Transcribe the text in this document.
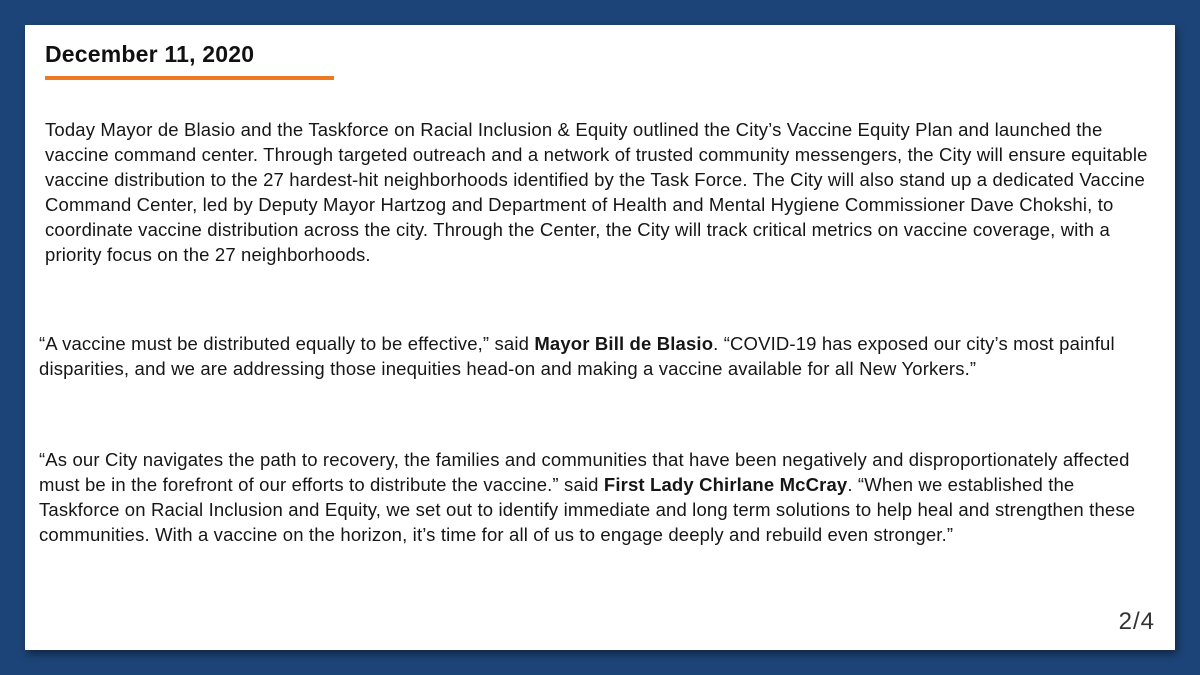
December 11, 2020

Today Mayor de Blasio and the Taskforce on Racial Inclusion & Equity outlined the City’s Vaccine Equity Plan and launched the vaccine command center. Through targeted outreach and a network of trusted community messengers, the City will ensure equitable vaccine distribution to the 27 hardest-hit neighborhoods identified by the Task Force. The City will also stand up a dedicated Vaccine Command Center, led by Deputy Mayor Hartzog and Department of Health and Mental Hygiene Commissioner Dave Chokshi, to coordinate vaccine distribution across the city. Through the Center, the City will track critical metrics on vaccine coverage, with a priority focus on the 27 neighborhoods.

“A vaccine must be distributed equally to be effective,” said Mayor Bill de Blasio. “COVID-19 has exposed our city’s most painful disparities, and we are addressing those inequities head-on and making a vaccine available for all New Yorkers.”

“As our City navigates the path to recovery, the families and communities that have been negatively and disproportionately affected must be in the forefront of our efforts to distribute the vaccine.” said First Lady Chirlane McCray. “When we established the Taskforce on Racial Inclusion and Equity, we set out to identify immediate and long term solutions to help heal and strengthen these communities. With a vaccine on the horizon, it’s time for all of us to engage deeply and rebuild even stronger.”

2/4
